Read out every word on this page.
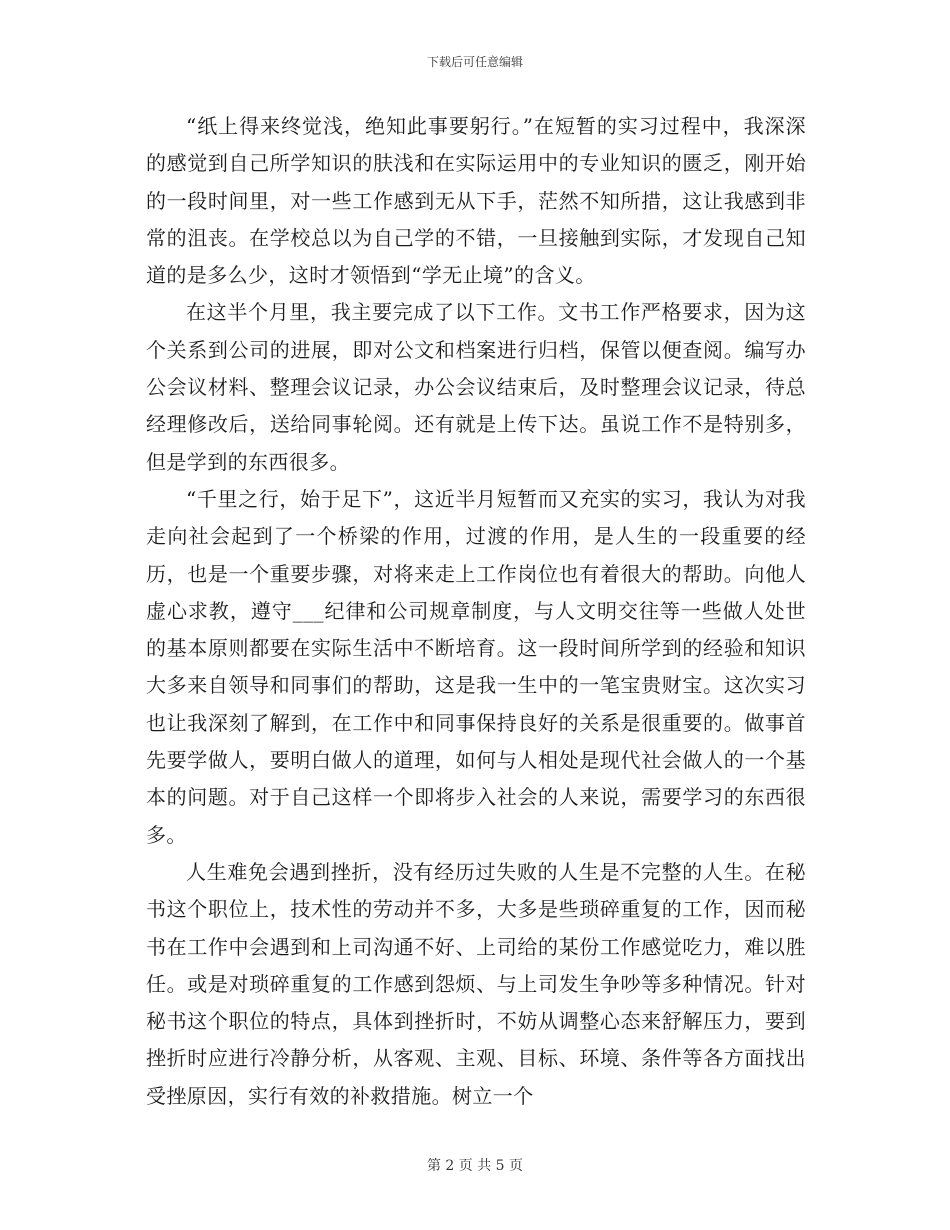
下载后可任意编辑

“纸上得来终觉浅，绝知此事要躬行。”在短暂的实习过程中，我深深的感觉到自己所学知识的肤浅和在实际运用中的专业知识的匮乏，刚开始的一段时间里，对一些工作感到无从下手，茫然不知所措，这让我感到非常的沮丧。在学校总以为自己学的不错，一旦接触到实际，才发现自己知道的是多么少，这时才领悟到“学无止境”的含义。

在这半个月里，我主要完成了以下工作。文书工作严格要求，因为这个关系到公司的进展，即对公文和档案进行归档，保管以便查阅。编写办公会议材料、整理会议记录，办公会议结束后，及时整理会议记录，待总经理修改后，送给同事轮阅。还有就是上传下达。虽说工作不是特别多，但是学到的东西很多。

“千里之行，始于足下”，这近半月短暂而又充实的实习，我认为对我走向社会起到了一个桥梁的作用，过渡的作用，是人生的一段重要的经历，也是一个重要步骤，对将来走上工作岗位也有着很大的帮助。向他人虚心求教，遵守___纪律和公司规章制度，与人文明交往等一些做人处世的基本原则都要在实际生活中不断培育。这一段时间所学到的经验和知识大多来自领导和同事们的帮助，这是我一生中的一笔宝贵财宝。这次实习也让我深刻了解到，在工作中和同事保持良好的关系是很重要的。做事首先要学做人，要明白做人的道理，如何与人相处是现代社会做人的一个基本的问题。对于自己这样一个即将步入社会的人来说，需要学习的东西很多。

人生难免会遇到挫折，没有经历过失败的人生是不完整的人生。在秘书这个职位上，技术性的劳动并不多，大多是些琐碎重复的工作，因而秘书在工作中会遇到和上司沟通不好、上司给的某份工作感觉吃力，难以胜任。或是对琐碎重复的工作感到怨烦、与上司发生争吵等多种情况。针对秘书这个职位的特点，具体到挫折时，不妨从调整心态来舒解压力，要到挫折时应进行冷静分析，从客观、主观、目标、环境、条件等各方面找出受挫原因，实行有效的补救措施。树立一个

第 2 页 共 5 页
